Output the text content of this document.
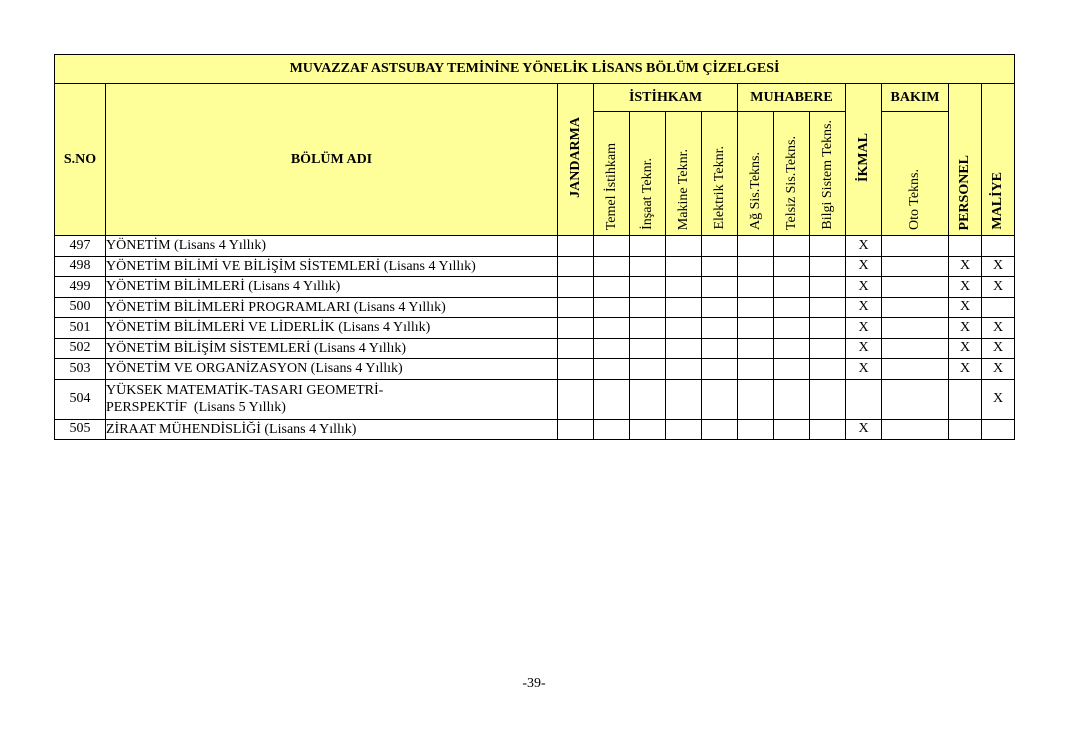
MUVAZZAF ASTSUBAY TEMİNİNE YÖNELİK LİSANS BÖLÜM ÇİZELGESİ													
S.NO	BÖLÜM ADI	JANDARMA	İSTİHKAM				MUHABERE			İKMAL	BAKIM	PERSONEL	MALİYE
			Temel İstihkam	İnşaat Teknr.	Makine Teknr.	Elektrik Teknr.	Ağ Sis.Tekns.	Telsiz Sis.Tekns.	Bilgi Sistem Tekns.		Oto Tekns.		
497	YÖNETİM (Lisans 4 Yıllık)									X			
498	YÖNETİM BİLİMİ VE BİLİŞİM SİSTEMLERİ (Lisans 4 Yıllık)									X		X	X
499	YÖNETİM BİLİMLERİ (Lisans 4 Yıllık)									X		X	X
500	YÖNETİM BİLİMLERİ PROGRAMLARI (Lisans 4 Yıllık)									X		X	
501	YÖNETİM BİLİMLERİ VE LİDERLİK (Lisans 4 Yıllık)									X		X	X
502	YÖNETİM BİLİŞİM SİSTEMLERİ (Lisans 4 Yıllık)									X		X	X
503	YÖNETİM VE ORGANİZASYON (Lisans 4 Yıllık)									X		X	X
504	YÜKSEK MATEMATİK-TASARI GEOMETRİ-
PERSPEKTİF  (Lisans 5 Yıllık)												X
505	ZİRAAT MÜHENDİSLİĞİ (Lisans 4 Yıllık)									X			
-39-
